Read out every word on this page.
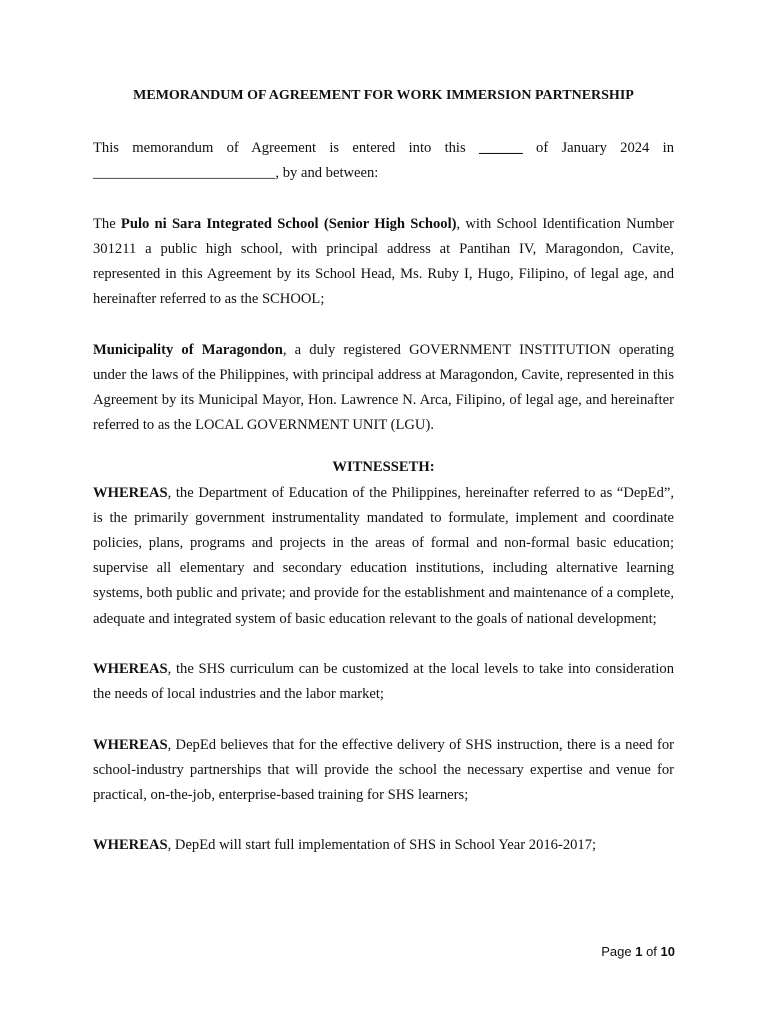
MEMORANDUM OF AGREEMENT FOR WORK IMMERSION PARTNERSHIP

This memorandum of Agreement is entered into this ______ of January 2024 in _________________________, by and between:

The Pulo ni Sara Integrated School (Senior High School), with School Identification Number 301211 a public high school, with principal address at Pantihan IV, Maragondon, Cavite, represented in this Agreement by its School Head, Ms. Ruby I, Hugo, Filipino, of legal age, and hereinafter referred to as the SCHOOL;

Municipality of Maragondon, a duly registered GOVERNMENT INSTITUTION operating under the laws of the Philippines, with principal address at Maragondon, Cavite, represented in this Agreement by its Municipal Mayor, Hon. Lawrence N. Arca, Filipino, of legal age, and hereinafter referred to as the LOCAL GOVERNMENT UNIT (LGU).

WITNESSETH:

WHEREAS, the Department of Education of the Philippines, hereinafter referred to as “DepEd”, is the primarily government instrumentality mandated to formulate, implement and coordinate policies, plans, programs and projects in the areas of formal and non-formal basic education; supervise all elementary and secondary education institutions, including alternative learning systems, both public and private; and provide for the establishment and maintenance of a complete, adequate and integrated system of basic education relevant to the goals of national development;

WHEREAS, the SHS curriculum can be customized at the local levels to take into consideration the needs of local industries and the labor market;

WHEREAS, DepEd believes that for the effective delivery of SHS instruction, there is a need for school-industry partnerships that will provide the school the necessary expertise and venue for practical, on-the-job, enterprise-based training for SHS learners;

WHEREAS, DepEd will start full implementation of SHS in School Year 2016-2017;

Page 1 of 10
